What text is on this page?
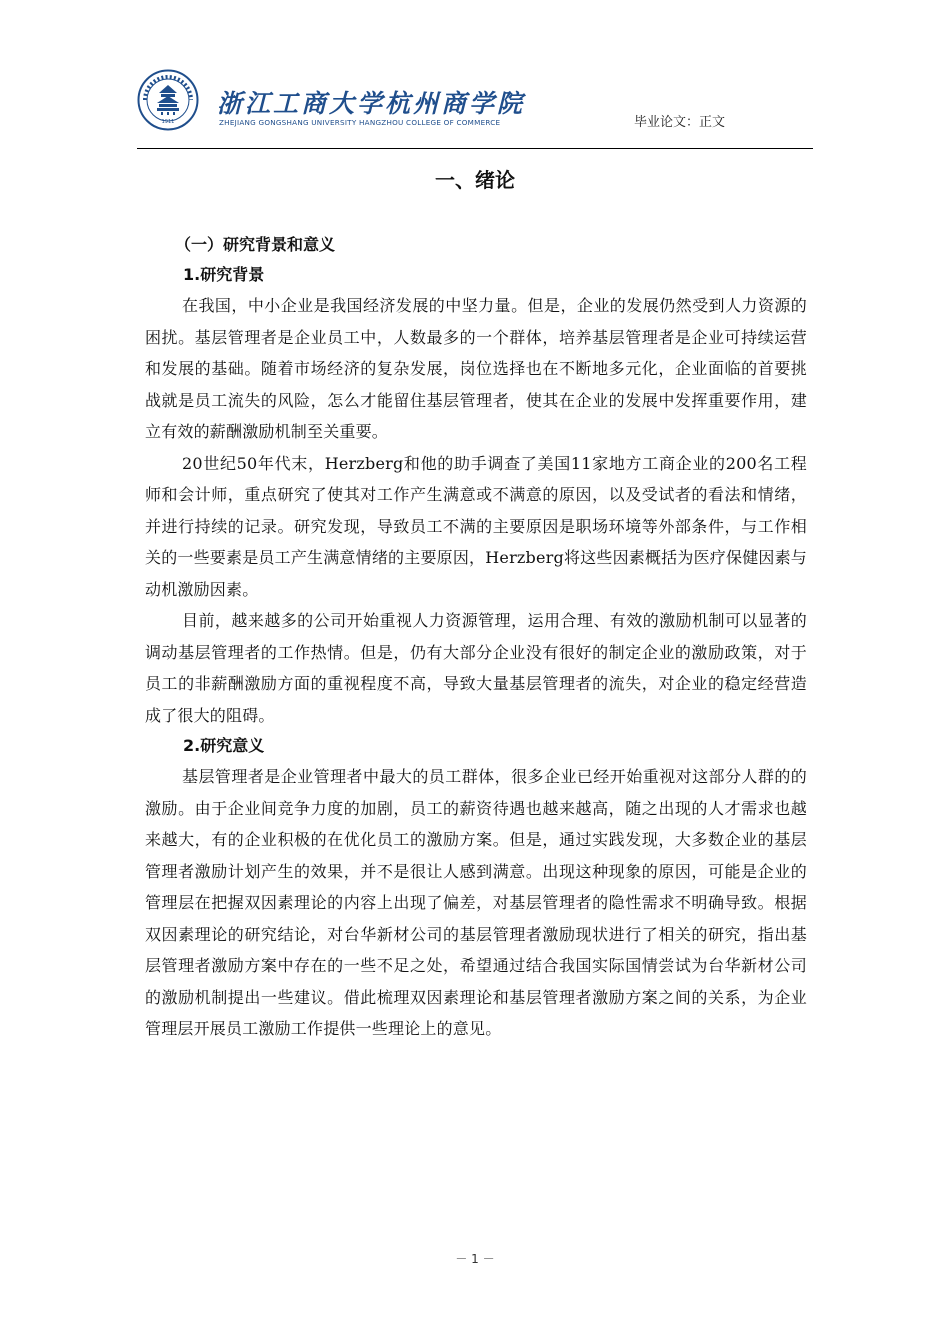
1911
浙江工商大学杭州商学院
ZHEJIANG GONGSHANG UNIVERSITY HANGZHOU COLLEGE OF COMMERCE	毕业论文：正文
一、绪论
（一）研究背景和意义
1.研究背景

在我国，中小企业是我国经济发展的中坚力量。但是，企业的发展仍然受到人力资源的困扰。基层管理者是企业员工中，人数最多的一个群体，培养基层管理者是企业可持续运营和发展的基础。随着市场经济的复杂发展，岗位选择也在不断地多元化，企业面临的首要挑战就是员工流失的风险，怎么才能留住基层管理者，使其在企业的发展中发挥重要作用，建立有效的薪酬激励机制至关重要。

20世纪50年代末，Herzberg和他的助手调查了美国11家地方工商企业的200名工程师和会计师，重点研究了使其对工作产生满意或不满意的原因，以及受试者的看法和情绪，并进行持续的记录。研究发现，导致员工不满的主要原因是职场环境等外部条件，与工作相关的一些要素是员工产生满意情绪的主要原因，Herzberg将这些因素概括为医疗保健因素与动机激励因素。

目前，越来越多的公司开始重视人力资源管理，运用合理、有效的激励机制可以显著的调动基层管理者的工作热情。但是，仍有大部分企业没有很好的制定企业的激励政策，对于员工的非薪酬激励方面的重视程度不高，导致大量基层管理者的流失，对企业的稳定经营造成了很大的阻碍。

2.研究意义

基层管理者是企业管理者中最大的员工群体，很多企业已经开始重视对这部分人群的的激励。由于企业间竞争力度的加剧，员工的薪资待遇也越来越高，随之出现的人才需求也越来越大，有的企业积极的在优化员工的激励方案。但是，通过实践发现，大多数企业的基层管理者激励计划产生的效果，并不是很让人感到满意。出现这种现象的原因，可能是企业的管理层在把握双因素理论的内容上出现了偏差，对基层管理者的隐性需求不明确导致。根据双因素理论的研究结论，对台华新材公司的基层管理者激励现状进行了相关的研究，指出基层管理者激励方案中存在的一些不足之处，希望通过结合我国实际国情尝试为台华新材公司的激励机制提出一些建议。借此梳理双因素理论和基层管理者激励方案之间的关系，为企业管理层开展员工激励工作提供一些理论上的意见。

－ 1 －
